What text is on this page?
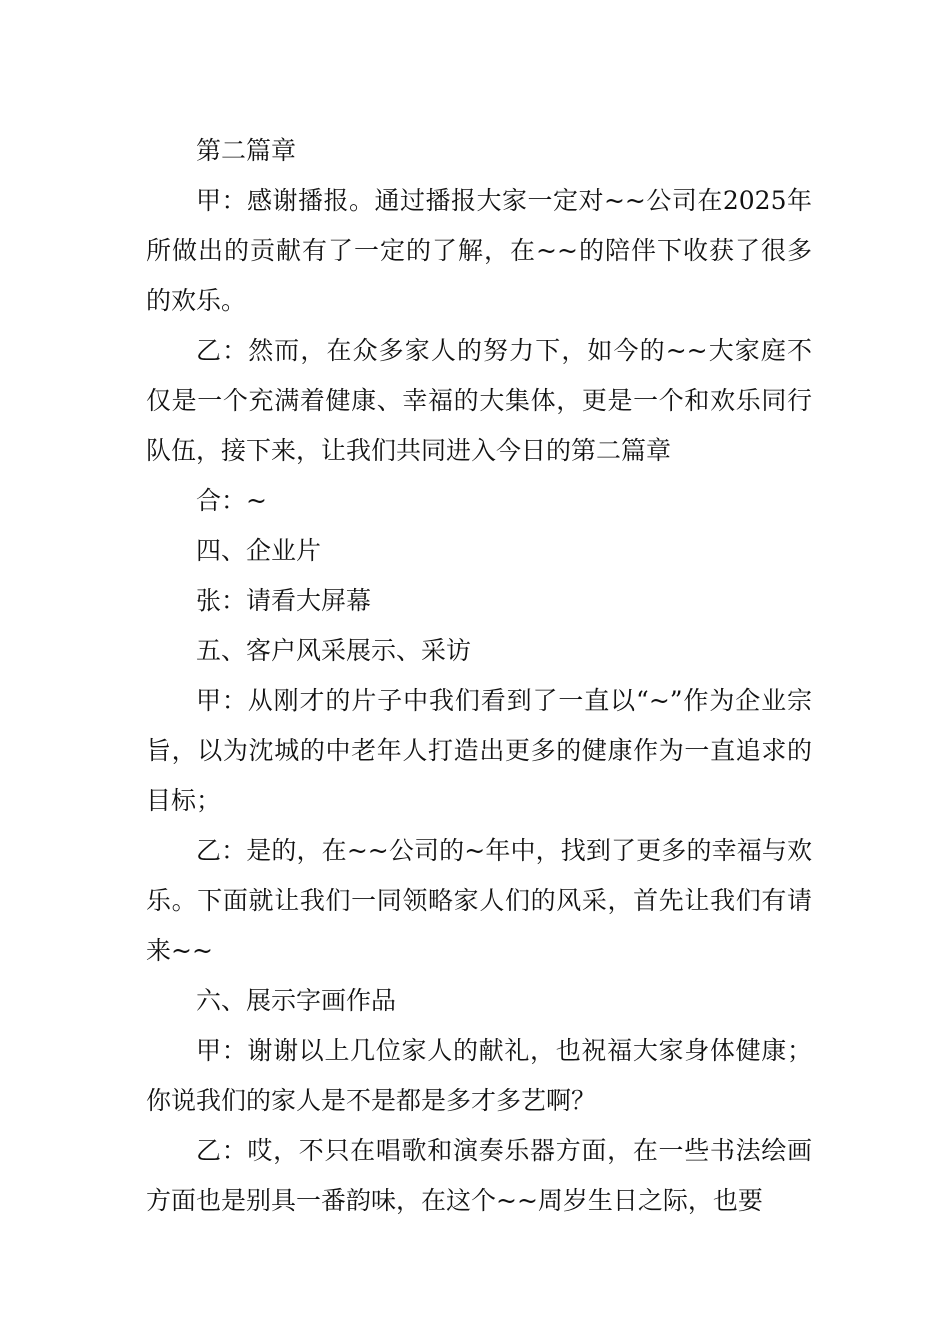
第二篇章

甲：感谢播报。通过播报大家一定对~~公司在2025年所做出的贡献有了一定的了解，在~~的陪伴下收获了很多的欢乐。

乙：然而，在众多家人的努力下，如今的~~大家庭不仅是一个充满着健康、幸福的大集体，更是一个和欢乐同行队伍，接下来，让我们共同进入今日的第二篇章

合：~

四、企业片

张：请看大屏幕

五、客户风采展示、采访

甲：从刚才的片子中我们看到了一直以“~”作为企业宗旨，以为沈城的中老年人打造出更多的健康作为一直追求的目标；

乙：是的，在~~公司的~年中，找到了更多的幸福与欢乐。下面就让我们一同领略家人们的风采，首先让我们有请来~~

六、展示字画作品

甲：谢谢以上几位家人的献礼，也祝福大家身体健康；你说我们的家人是不是都是多才多艺啊？

乙：哎，不只在唱歌和演奏乐器方面，在一些书法绘画方面也是别具一番韵味，在这个~~周岁生日之际，也要
